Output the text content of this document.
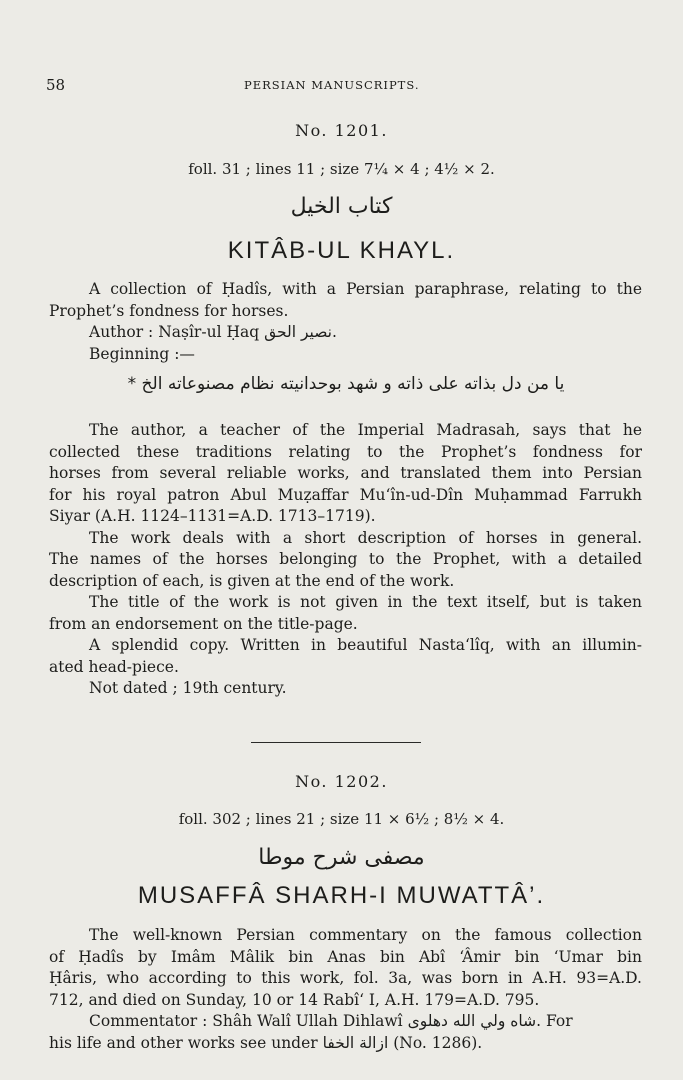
58	PERSIAN MANUSCRIPTS.
No. 1201.
foll. 31 ; lines 11 ; size 7¼ × 4 ; 4½ × 2.
كتاب الخيل
KITÂB-UL KHAYL.
A collection of Ḥadîs, with a Persian paraphrase, relating to the
Prophet’s fondness for horses.
Author : Naṣîr-ul Ḥaq نصیر الحق.
Beginning :—
یا من دل بذاته علی ذاته و شهد بوحدانیته نظام مصنوعاته الخ *
The author, a teacher of the Imperial Madrasah, says that he
collected these traditions relating to the Prophet’s fondness for
horses from several reliable works, and translated them into Persian
for his royal patron Abul Muẓaffar Mu‘în-ud-Dîn Muḥammad Farrukh
Siyar (A.H. 1124–1131=A.D. 1713–1719).
The work deals with a short description of horses in general.
The names of the horses belonging to the Prophet, with a detailed
description of each, is given at the end of the work.
The title of the work is not given in the text itself, but is taken
from an endorsement on the title-page.
A splendid copy. Written in beautiful Nasta‘lîq, with an illumin-
ated head-piece.
Not dated ; 19th century.
No. 1202.
foll. 302 ; lines 21 ; size 11 × 6½ ; 8½ × 4.
مصفی شرح موطا
MUSAFFÂ SHARH-I MUWATTÂ’.
The well-known Persian commentary on the famous collection
of Ḥadîs by Imâm Mâlik bin Anas bin Abî ‘Âmir bin ‘Umar bin
Ḥâris, who according to this work, fol. 3a, was born in A.H. 93=A.D.
712, and died on Sunday, 10 or 14 Rabî‘ I, A.H. 179=A.D. 795.
Commentator : Shâh Walî Ullah Dihlawî شاه ولي الله دهلوی. For
his life and other works see under ازالة الخفا (No. 1286).
